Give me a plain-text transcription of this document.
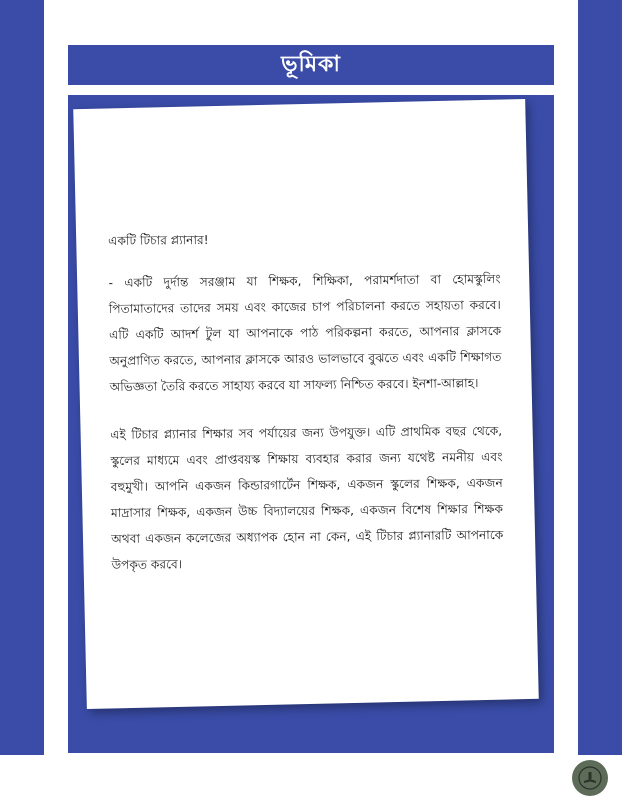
ভূমিকা

একটি টিচার প্ল্যানার!

- একটি দুর্দান্ত সরঞ্জাম যা শিক্ষক, শিক্ষিকা, পরামর্শদাতা বা হোমস্কুলিং পিতামাতাদের তাদের সময় এবং কাজের চাপ পরিচালনা করতে সহায়তা করবে। এটি একটি আদর্শ টুল যা আপনাকে পাঠ পরিকল্পনা করতে, আপনার ক্লাসকে অনুপ্রাণিত করতে, আপনার ক্লাসকে আরও ভালভাবে বুঝতে এবং একটি শিক্ষাগত অভিজ্ঞতা তৈরি করতে সাহায্য করবে যা সাফল্য নিশ্চিত করবে। ইনশা-আল্লাহ।

এই টিচার প্ল্যানার শিক্ষার সব পর্যায়ের জন্য উপযুক্ত। এটি প্রাথমিক বছর থেকে, স্কুলের মাধ্যমে এবং প্রাপ্তবয়স্ক শিক্ষায় ব্যবহার করার জন্য যথেষ্ট নমনীয় এবং বহুমুখী। আপনি একজন কিন্ডারগার্টেন শিক্ষক, একজন স্কুলের শিক্ষক, একজন মাদ্রাসার শিক্ষক, একজন উচ্চ বিদ্যালয়ের শিক্ষক, একজন বিশেষ শিক্ষার শিক্ষক অথবা একজন কলেজের অধ্যাপক হোন না কেন, এই টিচার প্ল্যানারটি আপনাকে উপকৃত করবে।
